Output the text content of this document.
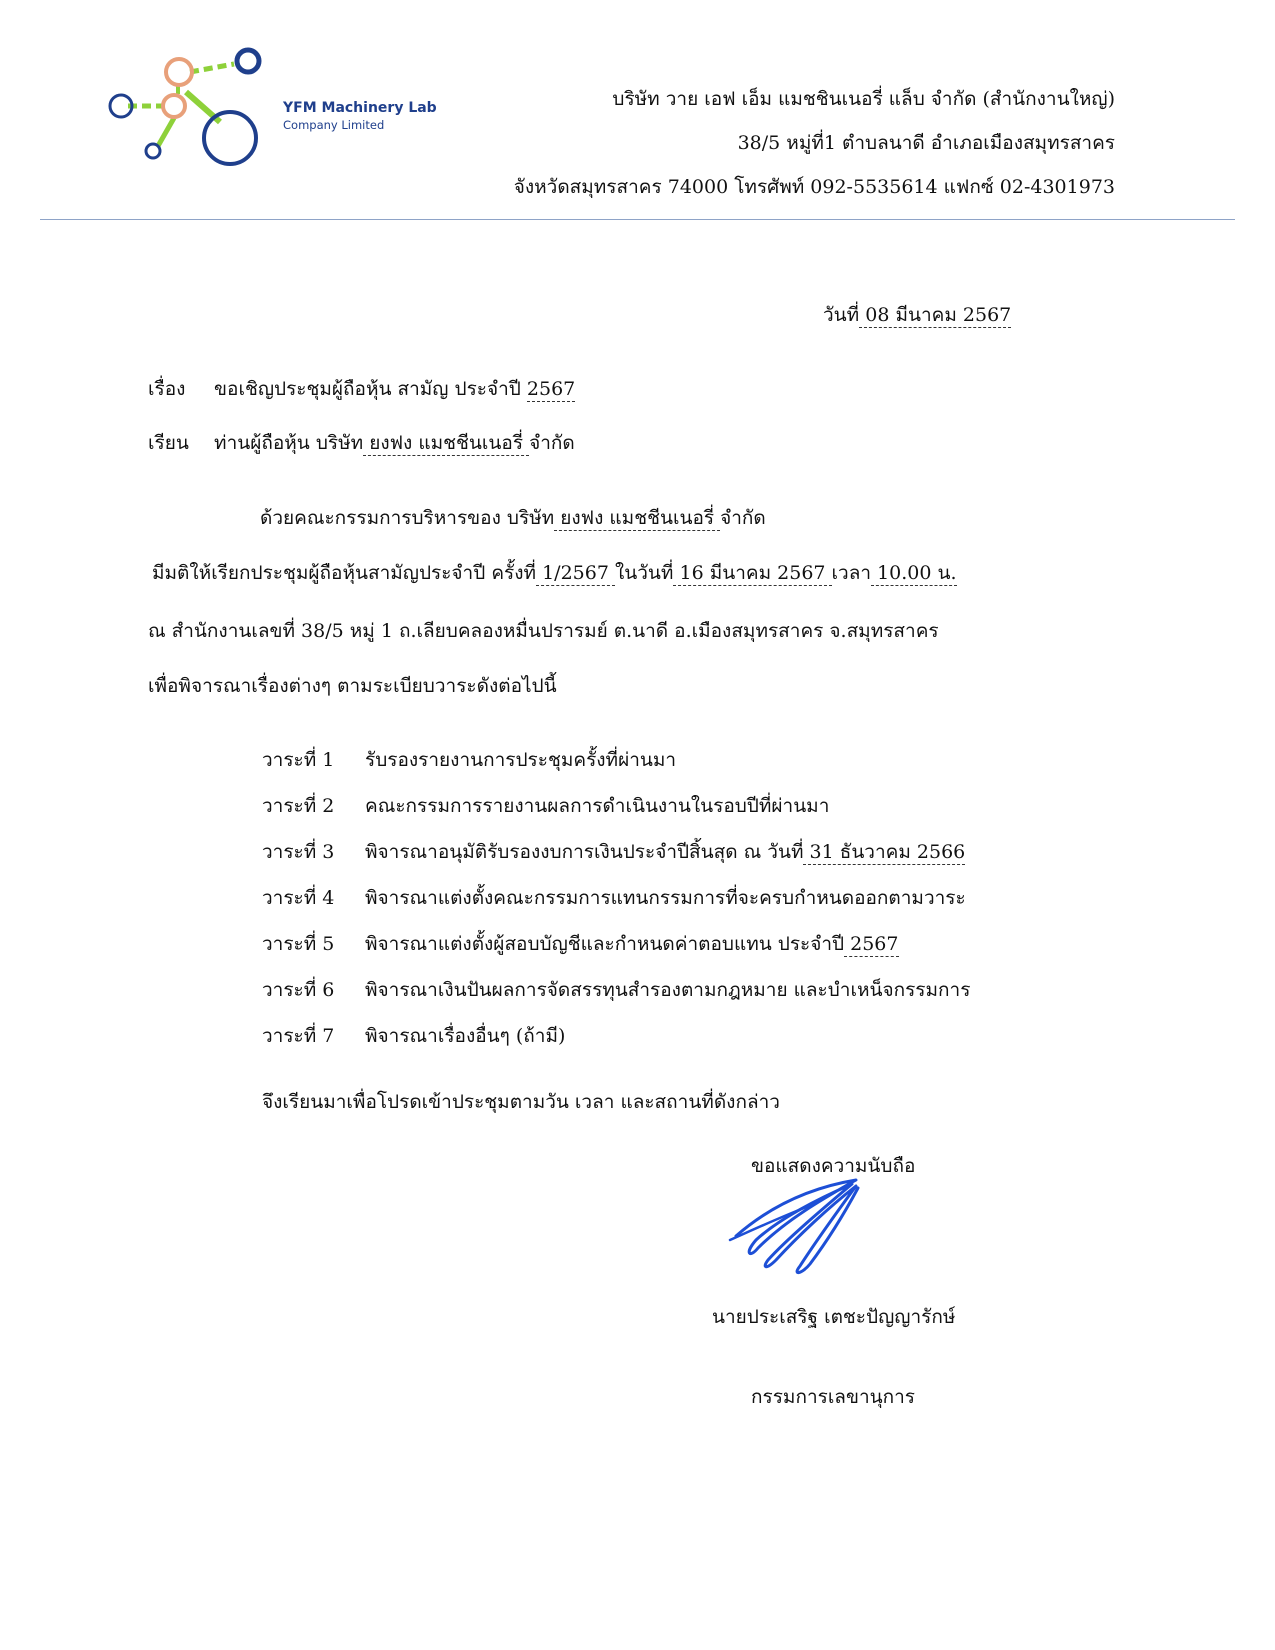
YFM Machinery Lab
Company Limited
บริษัท วาย เอฟ เอ็ม แมชชินเนอรี่ แล็บ จำกัด (สำนักงานใหญ่)
38/5 หมู่ที่1 ตำบลนาดี อำเภอเมืองสมุทรสาคร
จังหวัดสมุทรสาคร 74000 โทรศัพท์ 092-5535614 แฟกซ์ 02-4301973
วันที่ 08 มีนาคม 2567
เรื่อง ขอเชิญประชุมผู้ถือหุ้น สามัญ ประจำปี 2567
เรียน ท่านผู้ถือหุ้น บริษัท ยงฟง แมชชีนเนอรี่ จำกัด
ด้วยคณะกรรมการบริหารของ บริษัท ยงฟง แมชชีนเนอรี่ จำกัด
มีมติให้เรียกประชุมผู้ถือหุ้นสามัญประจำปี ครั้งที่ 1/2567 ในวันที่ 16 มีนาคม 2567 เวลา 10.00 น.
ณ สำนักงานเลขที่ 38/5 หมู่ 1 ถ.เลียบคลองหมื่นปรารมย์ ต.นาดี อ.เมืองสมุทรสาคร จ.สมุทรสาคร
เพื่อพิจารณาเรื่องต่างๆ ตามระเบียบวาระดังต่อไปนี้
วาระที่ 1 รับรองรายงานการประชุมครั้งที่ผ่านมา
วาระที่ 2 คณะกรรมการรายงานผลการดำเนินงานในรอบปีที่ผ่านมา
วาระที่ 3 พิจารณาอนุมัติรับรองงบการเงินประจำปีสิ้นสุด ณ วันที่ 31 ธันวาคม 2566
วาระที่ 4 พิจารณาแต่งตั้งคณะกรรมการแทนกรรมการที่จะครบกำหนดออกตามวาระ
วาระที่ 5 พิจารณาแต่งตั้งผู้สอบบัญชีและกำหนดค่าตอบแทน ประจำปี 2567
วาระที่ 6 พิจารณาเงินปันผลการจัดสรรทุนสำรองตามกฎหมาย และบำเหน็จกรรมการ
วาระที่ 7 พิจารณาเรื่องอื่นๆ (ถ้ามี)
จึงเรียนมาเพื่อโปรดเข้าประชุมตามวัน เวลา และสถานที่ดังกล่าว
ขอแสดงความนับถือ
นายประเสริฐ เตชะปัญญารักษ์
กรรมการเลขานุการ
